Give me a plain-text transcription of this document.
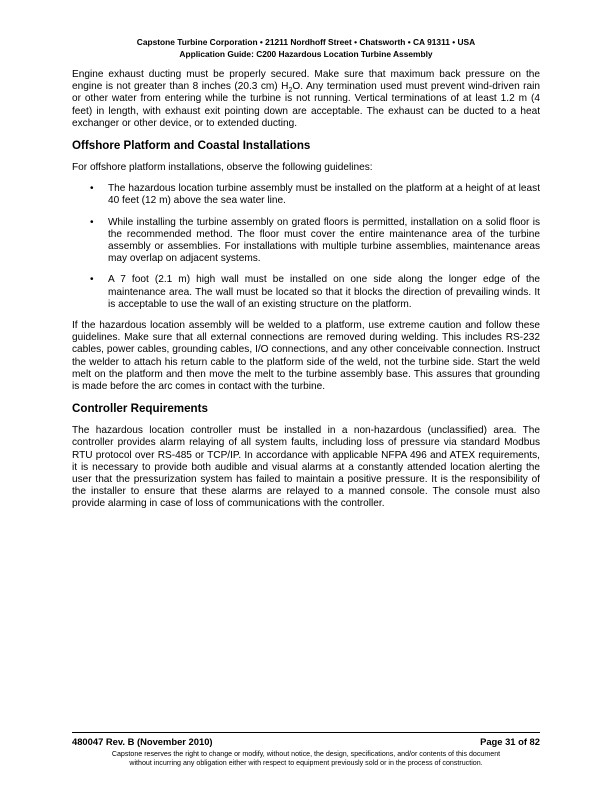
Capstone Turbine Corporation • 21211 Nordhoff Street • Chatsworth • CA 91311 • USA
Application Guide: C200 Hazardous Location Turbine Assembly

Engine exhaust ducting must be properly secured. Make sure that maximum back pressure on the engine is not greater than 8 inches (20.3 cm) $H_2O$. Any termination used must prevent wind-driven rain or other water from entering while the turbine is not running. Vertical terminations of at least 1.2 m (4 feet) in length, with exhaust exit pointing down are acceptable. The exhaust can be ducted to a heat exchanger or other device, or to extended ducting.

Offshore Platform and Coastal Installations

For offshore platform installations, observe the following guidelines:

• The hazardous location turbine assembly must be installed on the platform at a height of at least 40 feet (12 m) above the sea water line.
• While installing the turbine assembly on grated floors is permitted, installation on a solid floor is the recommended method. The floor must cover the entire maintenance area of the turbine assembly or assemblies. For installations with multiple turbine assemblies, maintenance areas may overlap on adjacent systems.
• A 7 foot (2.1 m) high wall must be installed on one side along the longer edge of the maintenance area. The wall must be located so that it blocks the direction of prevailing winds. It is acceptable to use the wall of an existing structure on the platform.

If the hazardous location assembly will be welded to a platform, use extreme caution and follow these guidelines. Make sure that all external connections are removed during welding. This includes RS-232 cables, power cables, grounding cables, I/O connections, and any other conceivable connection. Instruct the welder to attach his return cable to the platform side of the weld, not the turbine side. Start the weld melt on the platform and then move the melt to the turbine assembly base. This assures that grounding is made before the arc comes in contact with the turbine.

Controller Requirements

The hazardous location controller must be installed in a non-hazardous (unclassified) area. The controller provides alarm relaying of all system faults, including loss of pressure via standard Modbus RTU protocol over RS-485 or TCP/IP. In accordance with applicable NFPA 496 and ATEX requirements, it is necessary to provide both audible and visual alarms at a constantly attended location alerting the user that the pressurization system has failed to maintain a positive pressure. It is the responsibility of the installer to ensure that these alarms are relayed to a manned console. The console must also provide alarming in case of loss of communications with the controller.

480047 Rev. B (November 2010)	Page 31 of 82
Capstone reserves the right to change or modify, without notice, the design, specifications, and/or contents of this document
without incurring any obligation either with respect to equipment previously sold or in the process of construction.
